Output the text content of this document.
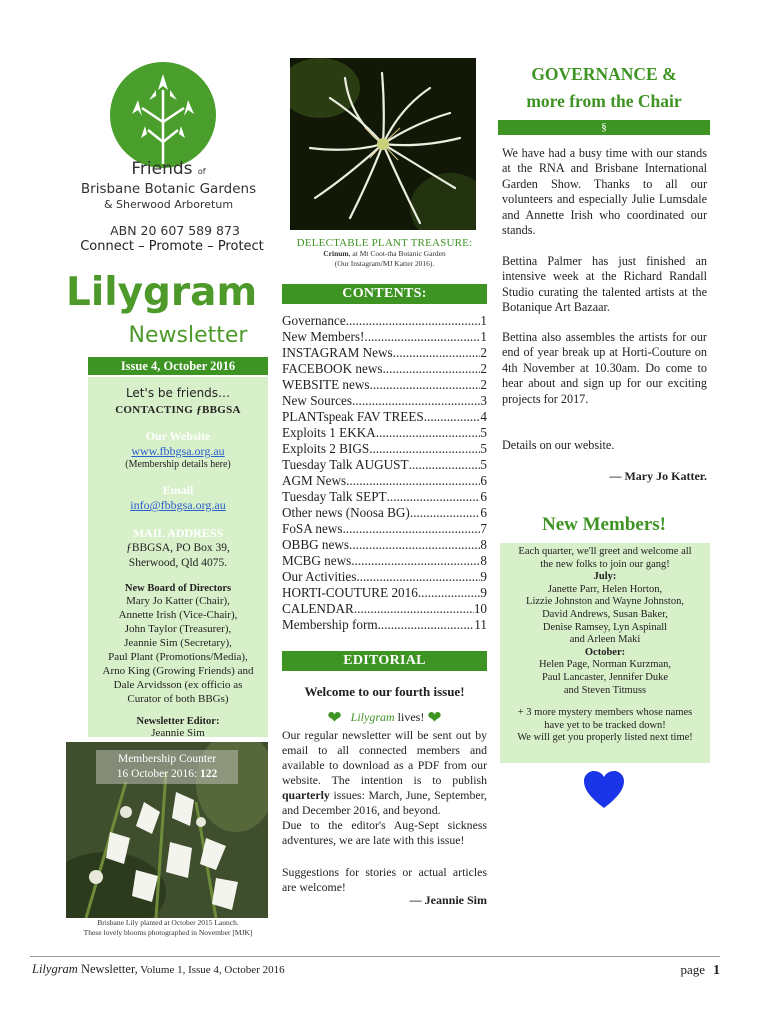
Friends of
Brisbane Botanic Gardens
& Sherwood Arboretum
ABN 20 607 589 873
Connect – Promote – Protect
Lilygram
Newsletter
Issue 4, October 2016
Let's be friends…
CONTACTING ƒBBGSA
Our Website
www.fbbgsa.org.au
(Membership details here)
Email
info@fbbgsa.org.au
MAIL ADDRESS
ƒBBGSA, PO Box 39,
Sherwood, Qld 4075.
New Board of Directors
Mary Jo Katter (Chair),
Annette Irish (Vice-Chair),
John Taylor (Treasurer),
Jeannie Sim (Secretary),
Paul Plant (Promotions/Media),
Arno King (Growing Friends) and
Dale Arvidsson (ex officio as
Curator of both BBGs)
Newsletter Editor:
Jeannie Sim
Membership Counter
16 October 2016: 122
Brisbane Lily planted at October 2015 Launch.
These lovely blooms photographed in November [MJK]
DELECTABLE PLANT TREASURE:
Crinum, at Mt Coot-tha Botanic Garden
(Our Instagram/MJ Katter 2016).
CONTENTS:
Governance .....	1
New Members! .....	1
INSTAGRAM News .....	2
FACEBOOK news .....	2
WEBSITE news .....	2
New Sources .....	3
PLANTspeak FAV TREES .....	4
Exploits 1 EKKA .....	5
Exploits 2 BIGS .....	5
Tuesday Talk AUGUST .....	5
AGM News .....	6
Tuesday Talk SEPT .....	6
Other news (Noosa BG) .....	6
FoSA news .....	7
OBBG news .....	8
MCBG news .....	8
Our Activities .....	9
HORTI-COUTURE 2016 .....	9
CALENDAR .....	10
Membership form .....	11
EDITORIAL
Welcome to our fourth issue!
❤ Lilygram lives! ❤

Our regular newsletter will be sent out by email to all connected members and available to download as a PDF from our website. The intention is to publish quarterly issues: March, June, September, and December 2016, and beyond.

Due to the editor's Aug-Sept sickness adventures, we are late with this issue!

Suggestions for stories or actual articles are welcome!
— Jeannie Sim
GOVERNANCE &
more from the Chair
§
We have had a busy time with our stands at the RNA and Brisbane International Garden Show. Thanks to all our volunteers and especially Julie Lumsdale and Annette Irish who coordinated our stands.
Bettina Palmer has just finished an intensive week at the Richard Randall Studio curating the talented artists at the Botanique Art Bazaar.
Bettina also assembles the artists for our end of year break up at Horti-Couture on 4th November at 10.30am. Do come to hear about and sign up for our exciting projects for 2017.
Details on our website.
— Mary Jo Katter.
New Members!
Each quarter, we'll greet and welcome all
the new folks to join our gang!
July:
Janette Parr, Helen Horton,
Lizzie Johnston and Wayne Johnston,
David Andrews, Susan Baker,
Denise Ramsey, Lyn Aspinall
and Arleen Maki
October:
Helen Page, Norman Kurzman,
Paul Lancaster, Jennifer Duke
and Steven Titmuss
+ 3 more mystery members whose names
have yet to be tracked down!
We will get you properly listed next time!
Lilygram Newsletter, Volume 1, Issue 4, October 2016	page 1
